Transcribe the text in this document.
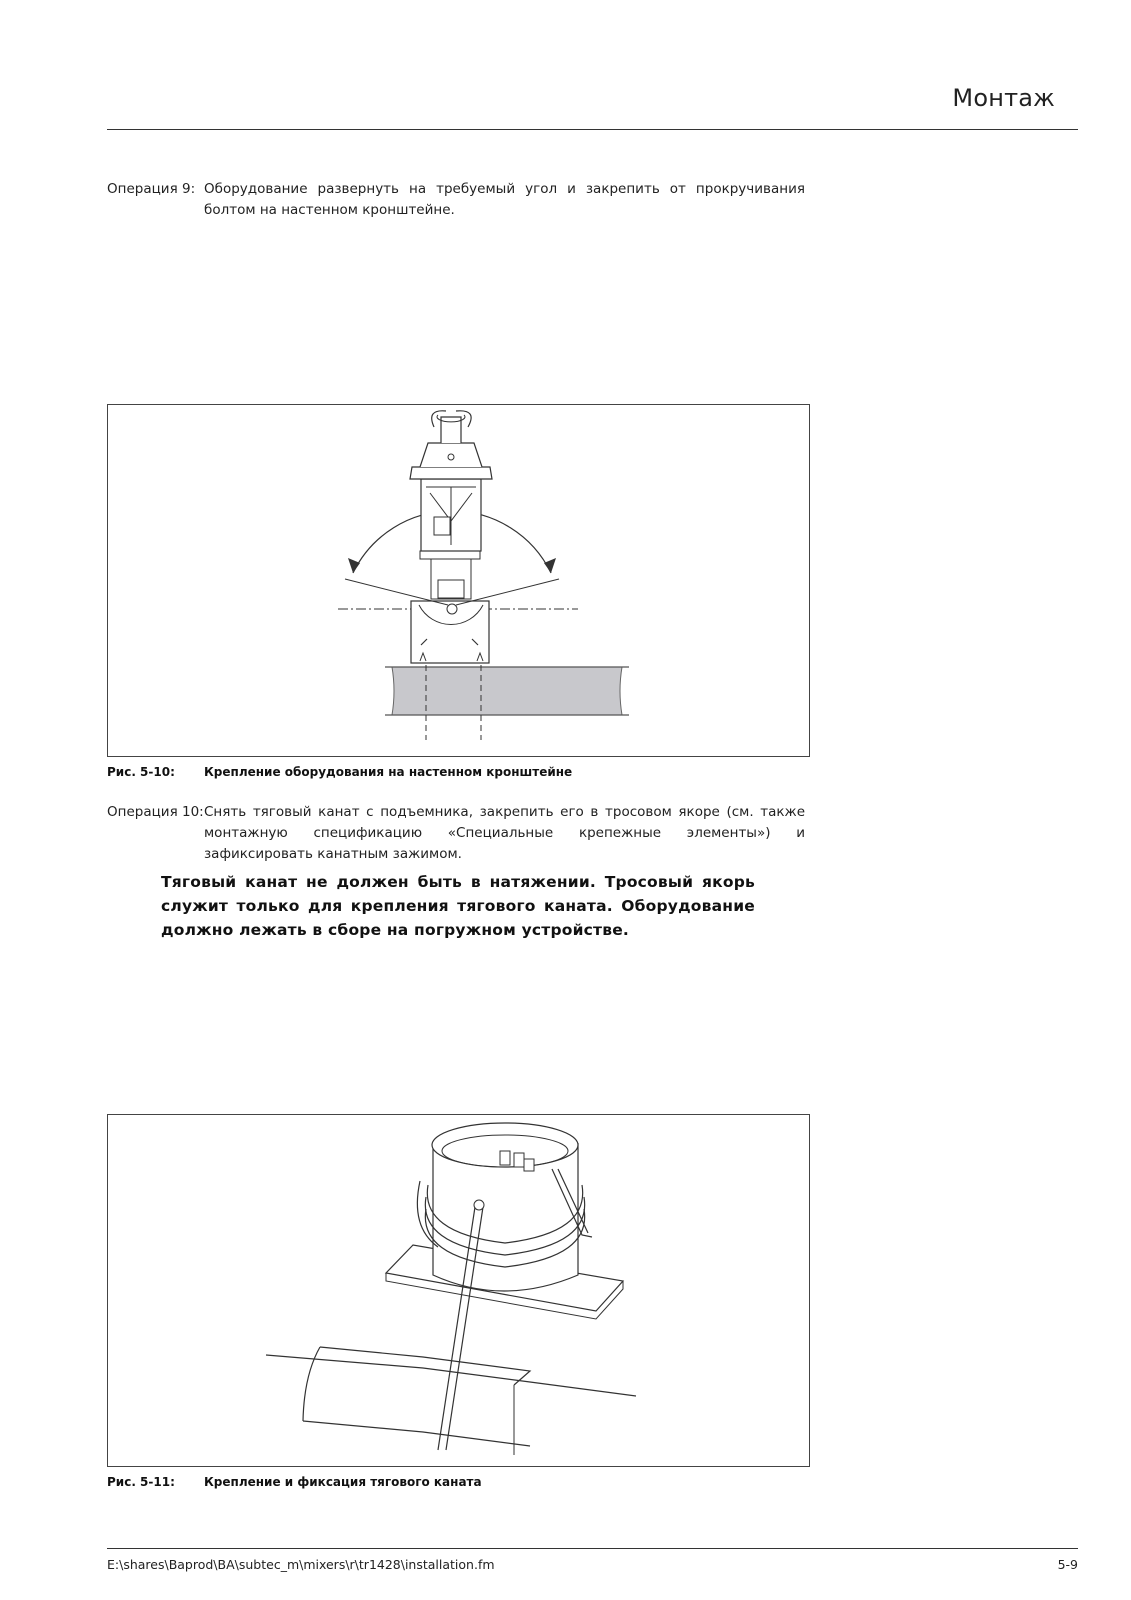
Монтаж
Операция 9: Оборудование развернуть на требуемый угол и закрепить от прокручивания болтом на настенном кронштейне.
Рис. 5-10: Крепление оборудования на настенном кронштейне
Операция 10: Снять тяговый канат с подъемника, закрепить его в тросовом якоре (см. также монтажную спецификацию «Специальные крепежные элементы») и зафиксировать канатным зажимом.
Тяговый канат не должен быть в натяжении. Тросовый якорь служит только для крепления тягового каната. Оборудование должно лежать в сборе на погружном устройстве.
Рис. 5-11: Крепление и фиксация тягового каната
E:\shares\Baprod\BA\subtec_m\mixers\r\tr1428\installation.fm	5-9
